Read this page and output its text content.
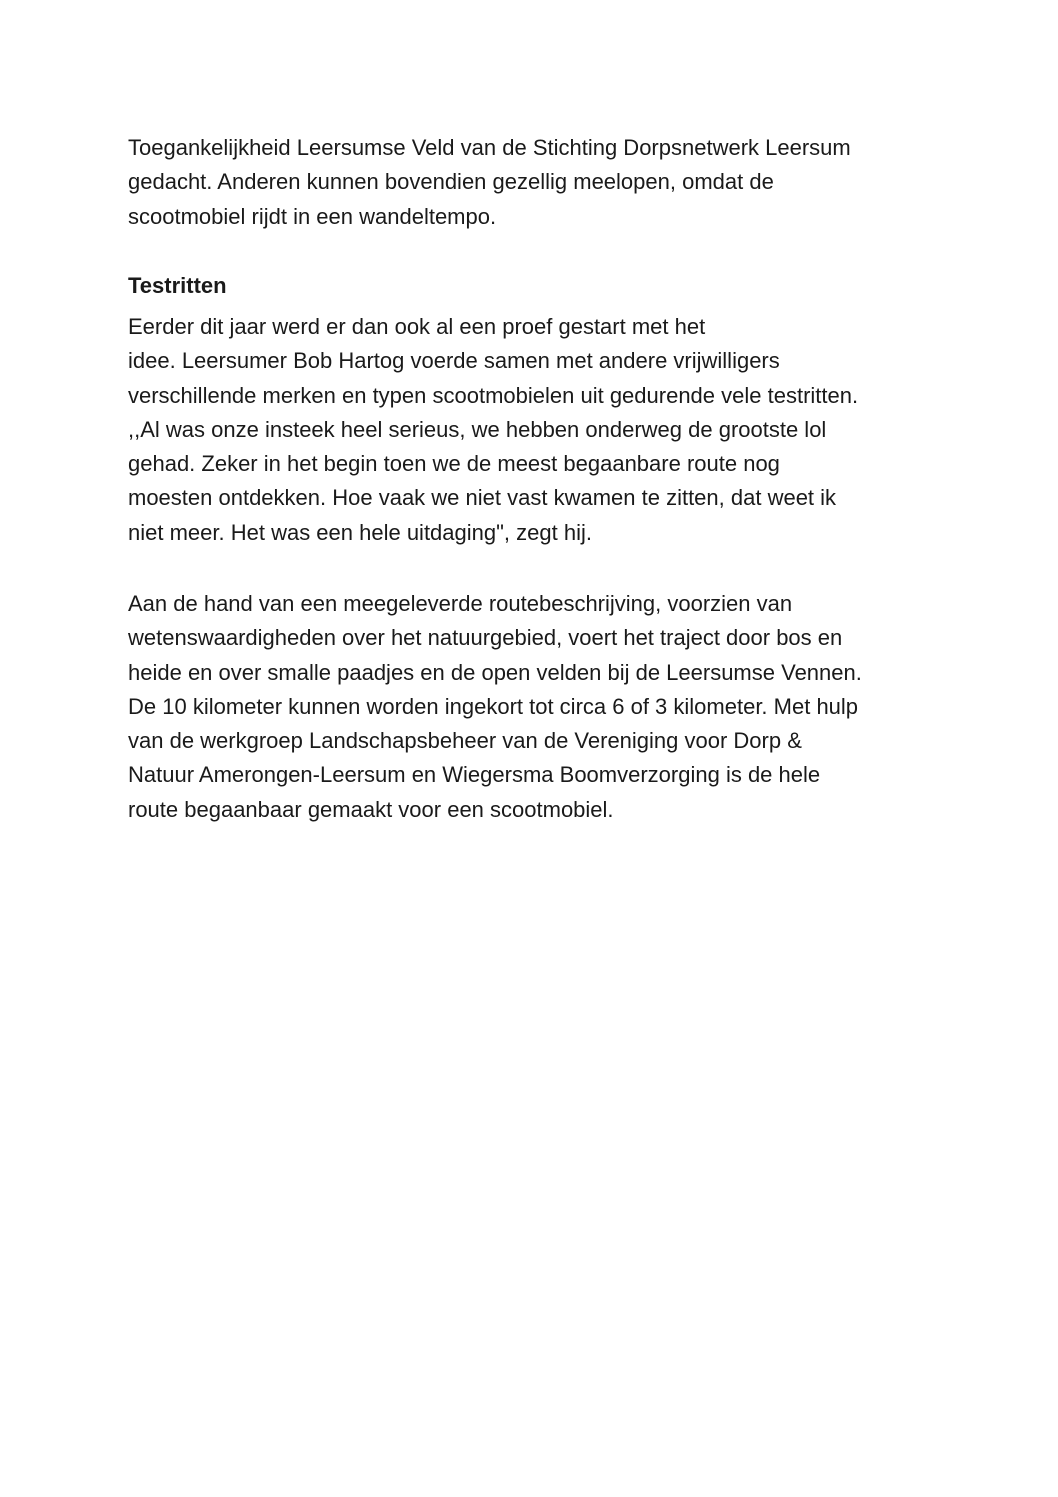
Toegankelijkheid Leersumse Veld van de Stichting Dorpsnetwerk Leersum
gedacht. Anderen kunnen bovendien gezellig meelopen, omdat de
scootmobiel rijdt in een wandeltempo.
Testritten
Eerder dit jaar werd er dan ook al een proef gestart met het
idee. Leersumer Bob Hartog voerde samen met andere vrijwilligers
verschillende merken en typen scootmobielen uit gedurende vele testritten.
,,Al was onze insteek heel serieus, we hebben onderweg de grootste lol
gehad. Zeker in het begin toen we de meest begaanbare route nog
moesten ontdekken. Hoe vaak we niet vast kwamen te zitten, dat weet ik
niet meer. Het was een hele uitdaging", zegt hij.
Aan de hand van een meegeleverde routebeschrijving, voorzien van
wetenswaardigheden over het natuurgebied, voert het traject door bos en
heide en over smalle paadjes en de open velden bij de Leersumse Vennen.
De 10 kilometer kunnen worden ingekort tot circa 6 of 3 kilometer. Met hulp
van de werkgroep Landschapsbeheer van de Vereniging voor Dorp &
Natuur Amerongen-Leersum en Wiegersma Boomverzorging is de hele
route begaanbaar gemaakt voor een scootmobiel.
